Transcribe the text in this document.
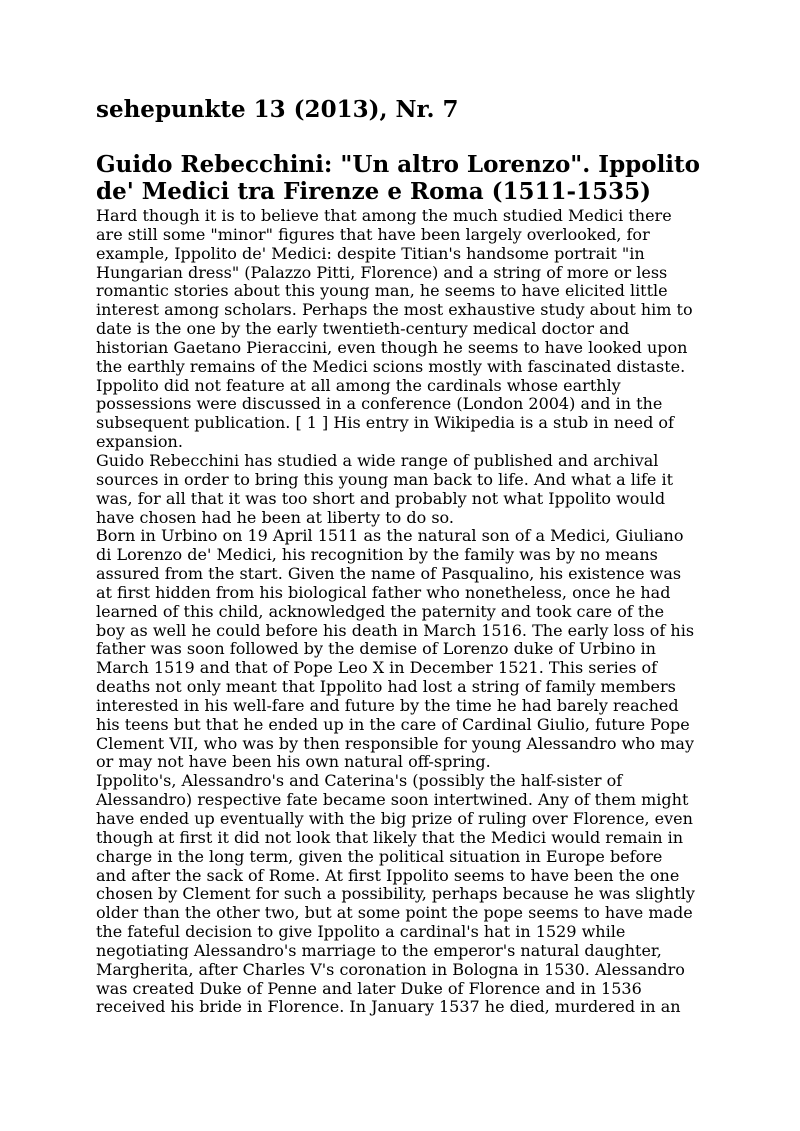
sehepunkte 13 (2013), Nr. 7
Guido Rebecchini: "Un altro Lorenzo". Ippolito
de' Medici tra Firenze e Roma (1511-1535)
Hard though it is to believe that among the much studied Medici there
are still some "minor" figures that have been largely overlooked, for
example, Ippolito de' Medici: despite Titian's handsome portrait "in
Hungarian dress" (Palazzo Pitti, Florence) and a string of more or less
romantic stories about this young man, he seems to have elicited little
interest among scholars. Perhaps the most exhaustive study about him to
date is the one by the early twentieth-century medical doctor and
historian Gaetano Pieraccini, even though he seems to have looked upon
the earthly remains of the Medici scions mostly with fascinated distaste.
Ippolito did not feature at all among the cardinals whose earthly
possessions were discussed in a conference (London 2004) and in the
subsequent publication. [ 1 ] His entry in Wikipedia is a stub in need of
expansion.
Guido Rebecchini has studied a wide range of published and archival
sources in order to bring this young man back to life. And what a life it
was, for all that it was too short and probably not what Ippolito would
have chosen had he been at liberty to do so.
Born in Urbino on 19 April 1511 as the natural son of a Medici, Giuliano
di Lorenzo de' Medici, his recognition by the family was by no means
assured from the start. Given the name of Pasqualino, his existence was
at first hidden from his biological father who nonetheless, once he had
learned of this child, acknowledged the paternity and took care of the
boy as well he could before his death in March 1516. The early loss of his
father was soon followed by the demise of Lorenzo duke of Urbino in
March 1519 and that of Pope Leo X in December 1521. This series of
deaths not only meant that Ippolito had lost a string of family members
interested in his well-fare and future by the time he had barely reached
his teens but that he ended up in the care of Cardinal Giulio, future Pope
Clement VII, who was by then responsible for young Alessandro who may
or may not have been his own natural off-spring.
Ippolito's, Alessandro's and Caterina's (possibly the half-sister of
Alessandro) respective fate became soon intertwined. Any of them might
have ended up eventually with the big prize of ruling over Florence, even
though at first it did not look that likely that the Medici would remain in
charge in the long term, given the political situation in Europe before
and after the sack of Rome. At first Ippolito seems to have been the one
chosen by Clement for such a possibility, perhaps because he was slightly
older than the other two, but at some point the pope seems to have made
the fateful decision to give Ippolito a cardinal's hat in 1529 while
negotiating Alessandro's marriage to the emperor's natural daughter,
Margherita, after Charles V's coronation in Bologna in 1530. Alessandro
was created Duke of Penne and later Duke of Florence and in 1536
received his bride in Florence. In January 1537 he died, murdered in an
